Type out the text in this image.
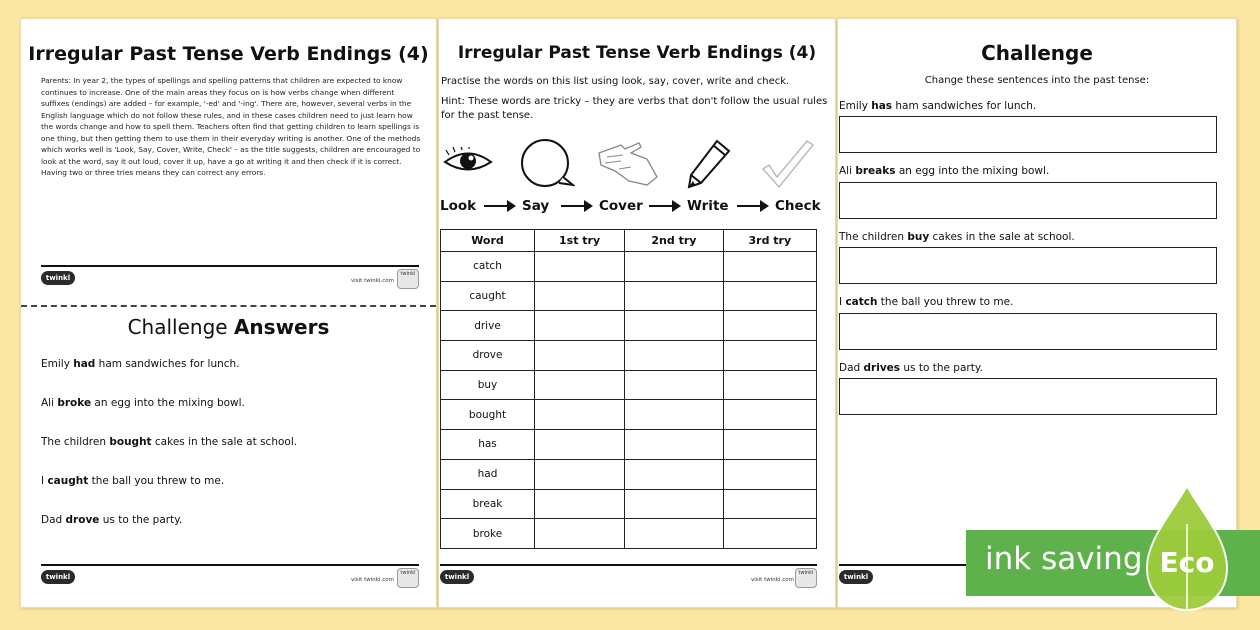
Irregular Past Tense Verb Endings (4)
Parents: In year 2, the types of spellings and spelling patterns that children are expected to know continues to increase. One of the main areas they focus on is how verbs change when different suffixes (endings) are added – for example, '-ed' and '-ing'. There are, however, several verbs in the English language which do not follow these rules, and in these cases children need to just learn how the words change and how to spell them. Teachers often find that getting children to learn spellings is one thing, but then getting them to use them in their everyday writing is another. One of the methods which works well is 'Look, Say, Cover, Write, Check' – as the title suggests, children are encouraged to look at the word, say it out loud, cover it up, have a go at writing it and then check if it is correct. Having two or three tries means they can correct any errors.
twinkl	visit twinkl.com
twinkl
Challenge Answers
Emily had ham sandwiches for lunch.
Ali broke an egg into the mixing bowl.
The children bought cakes in the sale at school.
I caught the ball you threw to me.
Dad drove us to the party.
twinkl	visit twinkl.com
twinkl
Irregular Past Tense Verb Endings (4)
Practise the words on this list using look, say, cover, write and check.
Hint: These words are tricky – they are verbs that don't follow the usual rules for the past tense.
Look	Say	Cover	Write	Check
Word	1st try	2nd try	3rd try
catch			
caught			
drive			
drove			
buy			
bought			
has			
had			
break			
broke			
twinkl	visit twinkl.com
twinkl
Challenge
Change these sentences into the past tense:
Emily has ham sandwiches for lunch.
Ali breaks an egg into the mixing bowl.
The children buy cakes in the sale at school.
I catch the ball you threw to me.
Dad drives us to the party.
twinkl	ink saving Eco
